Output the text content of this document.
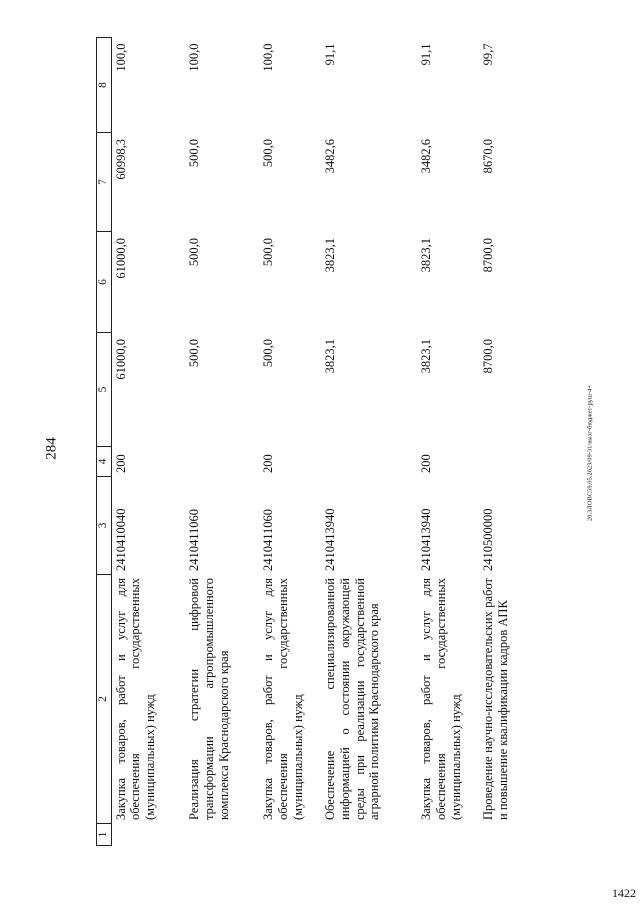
284	20.3ЛОВС59.05.2023/09-31/вызг-бюджет-руш-4+
1	2	3	4	5	6	7	8
	Закупка товаров, работ и услуг для обеспечения государственных (муниципальных) нужд	2410410040	200	61000,0	61000,0	60998,3	100,0
	Реализация стратегии цифровой трансформации агропромышленного комплекса Краснодарского края	2410411060		500,0	500,0	500,0	100,0
	Закупка товаров, работ и услуг для обеспечения государственных (муниципальных) нужд	2410411060	200	500,0	500,0	500,0	100,0
	Обеспечение специализированной информацией о состоянии окружающей среды при реализации государственной аграрной политики Краснодарского края	2410413940		3823,1	3823,1	3482,6	91,1
	Закупка товаров, работ и услуг для обеспечения государственных (муниципальных) нужд	2410413940	200	3823,1	3823,1	3482,6	91,1
	Проведение научно-исследовательских работ и повышение квалификации кадров АПК	2410500000		8700,0	8700,0	8670,0	99,7
1422
